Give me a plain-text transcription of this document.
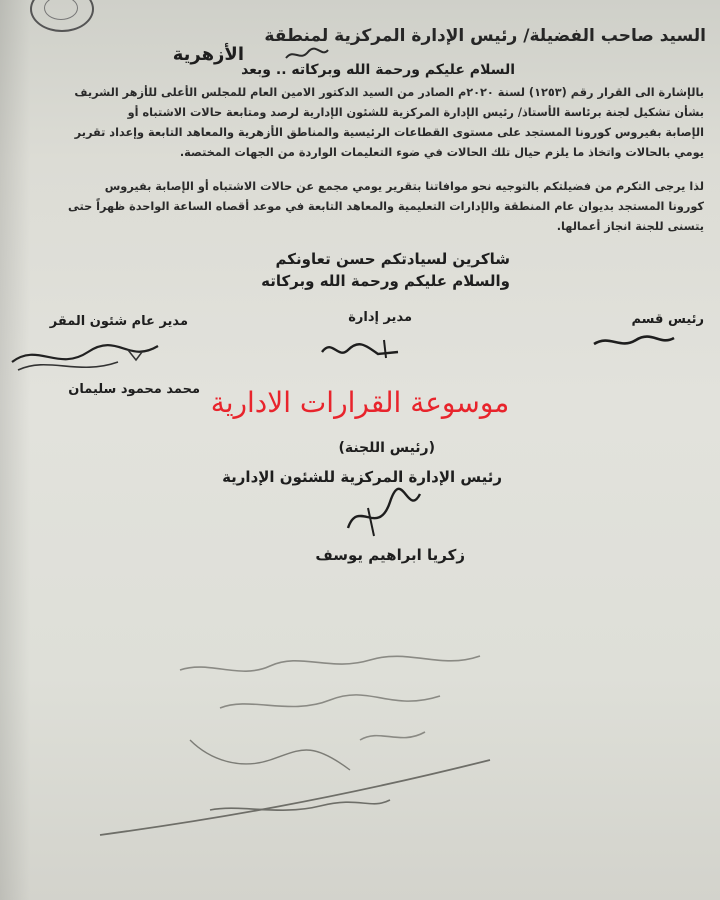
السيد صاحب الفضيلة/ رئيس الإدارة المركزية لمنطقة
الأزهرية
السلام عليكم ورحمة الله وبركاته .. وبعد
بالإشارة الى القرار رقم (١٢٥٣) لسنة ٢٠٢٠م الصادر من السيد الدكتور الامين العام للمجلس الأعلى للأزهر الشريف
بشأن تشكيل لجنة برئاسة الأستاذ/ رئيس الإدارة المركزية للشئون الإدارية لرصد ومتابعة حالات الاشتباه أو
الإصابة بفيروس كورونا المستجد على مستوى القطاعات الرئيسية والمناطق الأزهرية والمعاهد التابعة وإعداد تقرير
يومي بالحالات واتخاذ ما يلزم حيال تلك الحالات في ضوء التعليمات الواردة من الجهات المختصة.
لذا يرجى التكرم من فضيلتكم بالتوجيه نحو موافاتنا بتقرير يومي مجمع عن حالات الاشتباه أو الإصابة بفيروس
كورونا المستجد بديوان عام المنطقة والإدارات التعليمية والمعاهد التابعة في موعد أقصاه الساعة الواحدة ظهراً حتى
يتسنى للجنة انجاز أعمالها.
شاكرين لسيادتكم حسن تعاونكم
والسلام عليكم ورحمة الله وبركاته
مدير عام شئون المقر	مدير إدارة	رئيس قسم
محمد محمود سليمان موسوعة القرارات الادارية
(رئيس اللجنة)
رئيس الإدارة المركزية للشئون الإدارية
زكريا ابراهيم يوسف
